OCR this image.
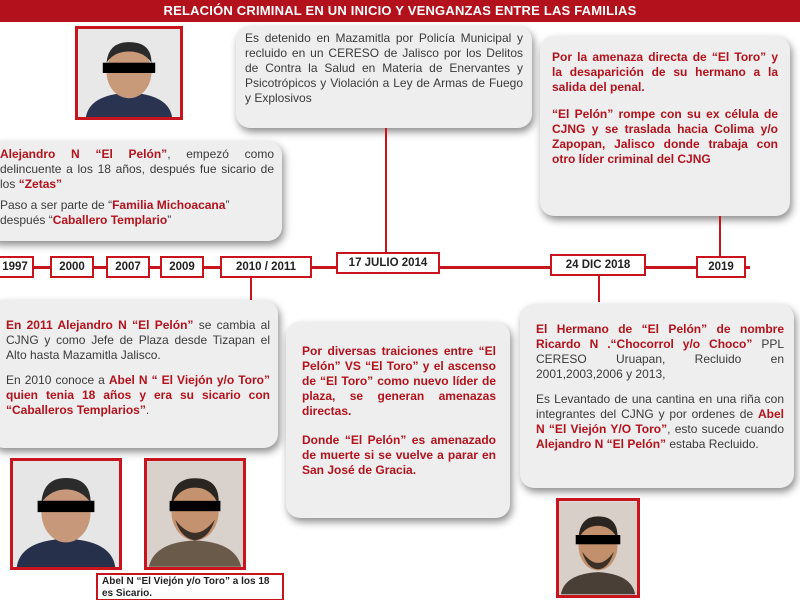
RELACIÓN CRIMINAL EN UN INICIO Y VENGANZAS ENTRE LAS FAMILIAS

Alejandro N “El Pelón”, empezó como delincuente a los 18 años, después fue sicario de los “Zetas”

Paso a ser parte de “Familia Michoacana” después “Caballero Templario”

Es detenido en Mazamitla por Policía Municipal y recluido en un CERESO de Jalisco por los Delitos de Contra la Salud en Materia de Enervantes y Psicotrópicos y Violación a Ley de Armas de Fuego y Explosivos

Por la amenaza directa de “El Toro” y la desaparición de su hermano a la salida del penal.

“El Pelón” rompe con su ex célula de CJNG y se traslada hacia Colima y/o Zapopan, Jalisco donde trabaja con otro líder criminal del CJNG

1997	2000	2007	2009	2010 / 2011	17 JULIO 2014	24 DIC 2018	2019

En 2011 Alejandro N “El Pelón” se cambia al CJNG y como Jefe de Plaza desde Tizapan el Alto hasta Mazamitla Jalisco.

En 2010 conoce a Abel N “ El Viejón y/o Toro” quien tenia 18 años y era su sicario con “Caballeros Templarios”.

Por diversas traiciones entre “El Pelón” VS “El Toro” y el ascenso de “El Toro” como nuevo líder de plaza, se generan amenazas directas.

Donde “El Pelón” es amenazado de muerte si se vuelve a parar en San José de Gracia.

El Hermano de “El Pelón” de nombre Ricardo N .“Chocorrol y/o Choco” PPL CERESO Uruapan, Recluido en 2001,2003,2006 y 2013,

Es Levantado de una cantina en una riña con integrantes del CJNG y por ordenes de Abel N “El Viejón Y/O Toro”, esto sucede cuando Alejandro N “El Pelón” estaba Recluido.

Abel N “El Viejón y/o Toro” a los 18 es Sicario.
